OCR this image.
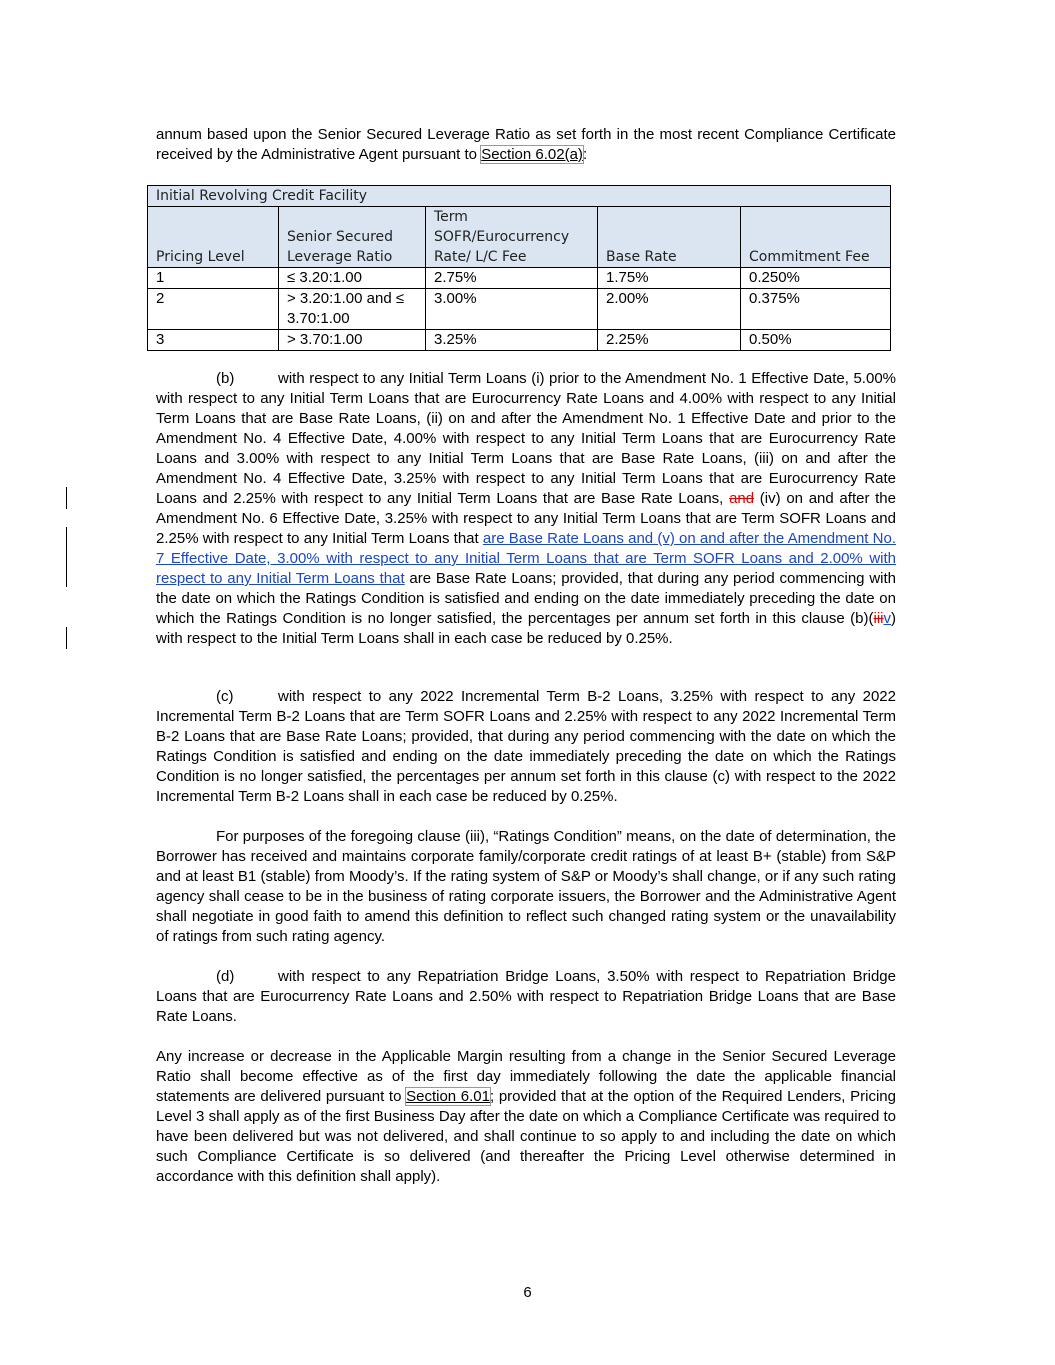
annum based upon the Senior Secured Leverage Ratio as set forth in the most recent Compliance Certificate received by the Administrative Agent pursuant to Section 6.02(a):
Initial Revolving Credit Facility				
Pricing Level	Senior Secured Leverage Ratio	Term SOFR/Eurocurrency Rate/ L/C Fee	Base Rate	Commitment Fee
1	≤ 3.20:1.00	2.75%	1.75%	0.250%
2	> 3.20:1.00 and ≤ 3.70:1.00	3.00%	2.00%	0.375%
3	> 3.70:1.00	3.25%	2.25%	0.50%
(b)	with respect to any Initial Term Loans (i) prior to the Amendment No. 1 Effective Date, 5.00% with respect to any Initial Term Loans that are Eurocurrency Rate Loans and 4.00% with respect to any Initial Term Loans that are Base Rate Loans, (ii) on and after the Amendment No. 1 Effective Date and prior to the Amendment No. 4 Effective Date, 4.00% with respect to any Initial Term Loans that are Eurocurrency Rate Loans and 3.00% with respect to any Initial Term Loans that are Base Rate Loans, (iii) on and after the Amendment No. 4 Effective Date, 3.25% with respect to any Initial Term Loans that are Eurocurrency Rate Loans and 2.25% with respect to any Initial Term Loans that are Base Rate Loans, and (iv) on and after the Amendment No. 6 Effective Date, 3.25% with respect to any Initial Term Loans that are Term SOFR Loans and 2.25% with respect to any Initial Term Loans that are Base Rate Loans and (v) on and after the Amendment No. 7 Effective Date, 3.00% with respect to any Initial Term Loans that are Term SOFR Loans and 2.00% with respect to any Initial Term Loans that are Base Rate Loans; provided, that during any period commencing with the date on which the Ratings Condition is satisfied and ending on the date immediately preceding the date on which the Ratings Condition is no longer satisfied, the percentages per annum set forth in this clause (b)(iiiv) with respect to the Initial Term Loans shall in each case be reduced by 0.25%.
(c)	with respect to any 2022 Incremental Term B-2 Loans, 3.25% with respect to any 2022 Incremental Term B-2 Loans that are Term SOFR Loans and 2.25% with respect to any 2022 Incremental Term B-2 Loans that are Base Rate Loans; provided, that during any period commencing with the date on which the Ratings Condition is satisfied and ending on the date immediately preceding the date on which the Ratings Condition is no longer satisfied, the percentages per annum set forth in this clause (c) with respect to the 2022 Incremental Term B-2 Loans shall in each case be reduced by 0.25%.
For purposes of the foregoing clause (iii), “Ratings Condition” means, on the date of determination, the Borrower has received and maintains corporate family/corporate credit ratings of at least B+ (stable) from S&P and at least B1 (stable) from Moody’s. If the rating system of S&P or Moody’s shall change, or if any such rating agency shall cease to be in the business of rating corporate issuers, the Borrower and the Administrative Agent shall negotiate in good faith to amend this definition to reflect such changed rating system or the unavailability of ratings from such rating agency.
(d)	with respect to any Repatriation Bridge Loans, 3.50% with respect to Repatriation Bridge Loans that are Eurocurrency Rate Loans and 2.50% with respect to Repatriation Bridge Loans that are Base Rate Loans.
Any increase or decrease in the Applicable Margin resulting from a change in the Senior Secured Leverage Ratio shall become effective as of the first day immediately following the date the applicable financial statements are delivered pursuant to Section 6.01; provided that at the option of the Required Lenders, Pricing Level 3 shall apply as of the first Business Day after the date on which a Compliance Certificate was required to have been delivered but was not delivered, and shall continue to so apply to and including the date on which such Compliance Certificate is so delivered (and thereafter the Pricing Level otherwise determined in accordance with this definition shall apply).
6
